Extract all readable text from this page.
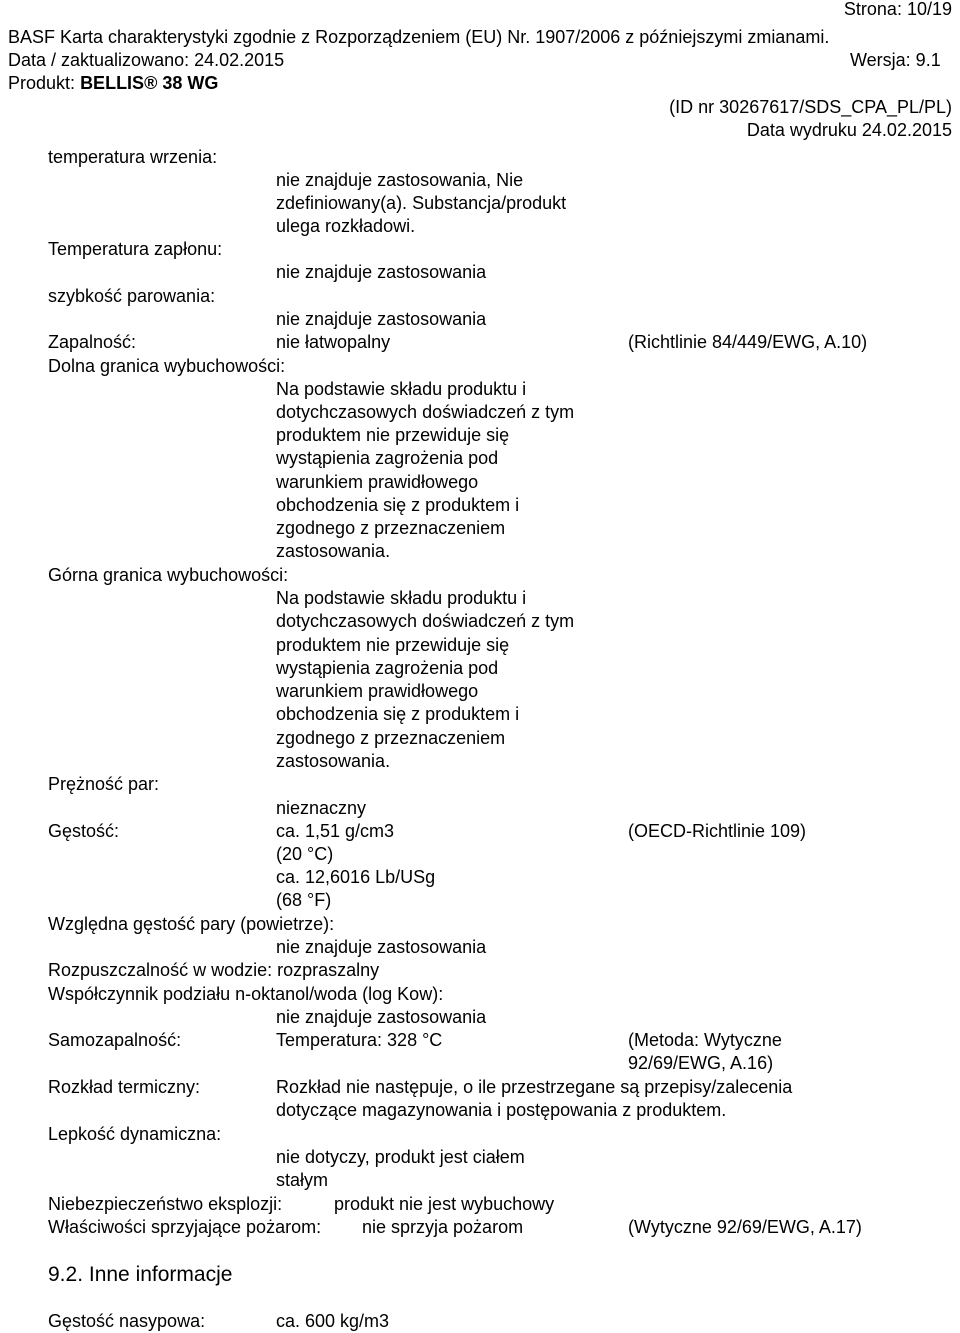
Strona: 10/19
BASF Karta charakterystyki zgodnie z Rozporządzeniem (EU) Nr. 1907/2006 z późniejszymi zmianami.
Data / zaktualizowano: 24.02.2015	Wersja: 9.1
Produkt: BELLIS® 38 WG
(ID nr 30267617/SDS_CPA_PL/PL)
Data wydruku 24.02.2015
temperatura wrzenia:
nie znajduje zastosowania, Nie
zdefiniowany(a). Substancja/produkt
ulega rozkładowi.
Temperatura zapłonu:
nie znajduje zastosowania
szybkość parowania:
nie znajduje zastosowania
Zapalność:	nie łatwopalny	(Richtlinie 84/449/EWG, A.10)
Dolna granica wybuchowości:
Na podstawie składu produktu i
dotychczasowych doświadczeń z tym
produktem nie przewiduje się
wystąpienia zagrożenia pod
warunkiem prawidłowego
obchodzenia się z produktem i
zgodnego z przeznaczeniem
zastosowania.
Górna granica wybuchowości:
Na podstawie składu produktu i
dotychczasowych doświadczeń z tym
produktem nie przewiduje się
wystąpienia zagrożenia pod
warunkiem prawidłowego
obchodzenia się z produktem i
zgodnego z przeznaczeniem
zastosowania.
Prężność par:
nieznaczny
Gęstość:	ca. 1,51 g/cm3	(OECD-Richtlinie 109)
(20 °C)
ca. 12,6016 Lb/USg
(68 °F)
Względna gęstość pary (powietrze):
nie znajduje zastosowania
Rozpuszczalność w wodzie: rozpraszalny
Współczynnik podziału n-oktanol/woda (log Kow):
nie znajduje zastosowania
Samozapalność:	Temperatura: 328 °C	(Metoda: Wytyczne
92/69/EWG, A.16)
Rozkład termiczny:	Rozkład nie następuje, o ile przestrzegane są przepisy/zalecenia
dotyczące magazynowania i postępowania z produktem.
Lepkość dynamiczna:
nie dotyczy, produkt jest ciałem
stałym
Niebezpieczeństwo eksplozji:	produkt nie jest wybuchowy
Właściwości sprzyjające pożarom: nie sprzyja pożarom	(Wytyczne 92/69/EWG, A.17)
9.2. Inne informacje
Gęstość nasypowa:	ca. 600 kg/m3
